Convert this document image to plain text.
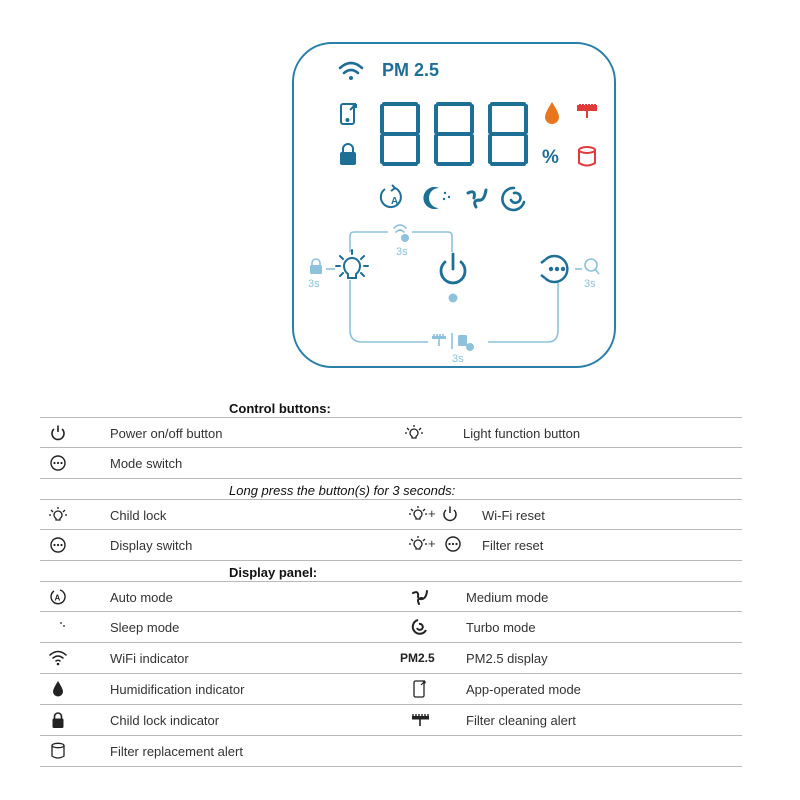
A
PM 2.5
%
3s
3s	3s
3s
Control buttons:
Power on/off button	Light function button
Mode switch
Long press the button(s) for 3 seconds:
Child lock	+	Wi-Fi reset
Display switch	+	Filter reset
Display panel:
A	Auto mode	Medium mode
Sleep mode	Turbo mode
WiFi indicator	PM2.5 PM2.5 display
Humidification indicator	App-operated mode
Child lock indicator	Filter cleaning alert
Filter replacement alert
